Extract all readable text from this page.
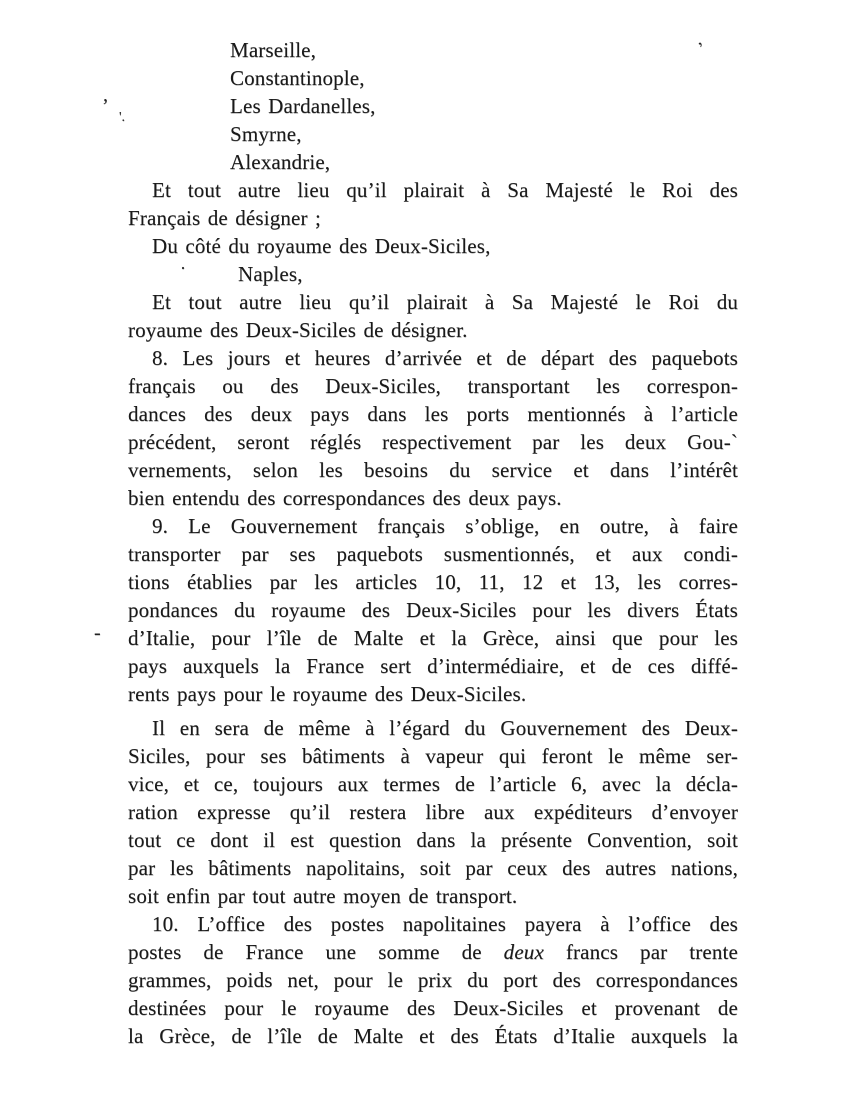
’
,
'.
·
-
Marseille,
Constantinople,
Les Dardanelles,
Smyrne,
Alexandrie,
Et tout autre lieu qu’il plairait à Sa Majesté le Roi des
Français de désigner ;
Du côté du royaume des Deux-Siciles,
Naples,
Et tout autre lieu qu’il plairait à Sa Majesté le Roi du
royaume des Deux-Siciles de désigner.
8. Les jours et heures d’arrivée et de départ des paquebots
français ou des Deux-Siciles, transportant les correspon-
dances des deux pays dans les ports mentionnés à l’article
précédent, seront réglés respectivement par les deux Gou-`
vernements, selon les besoins du service et dans l’intérêt
bien entendu des correspondances des deux pays.
9. Le Gouvernement français s’oblige, en outre, à faire
transporter par ses paquebots susmentionnés, et aux condi-
tions établies par les articles 10, 11, 12 et 13, les corres-
pondances du royaume des Deux-Siciles pour les divers États
d’Italie, pour l’île de Malte et la Grèce, ainsi que pour les
pays auxquels la France sert d’intermédiaire, et de ces diffé-
rents pays pour le royaume des Deux-Siciles.
Il en sera de même à l’égard du Gouvernement des Deux-
Siciles, pour ses bâtiments à vapeur qui feront le même ser-
vice, et ce, toujours aux termes de l’article 6, avec la décla-
ration expresse qu’il restera libre aux expéditeurs d’envoyer
tout ce dont il est question dans la présente Convention, soit
par les bâtiments napolitains, soit par ceux des autres nations,
soit enfin par tout autre moyen de transport.
10. L’office des postes napolitaines payera à l’office des
postes de France une somme de deux francs par trente
grammes, poids net, pour le prix du port des correspondances
destinées pour le royaume des Deux-Siciles et provenant de
la Grèce, de l’île de Malte et des États d’Italie auxquels la
